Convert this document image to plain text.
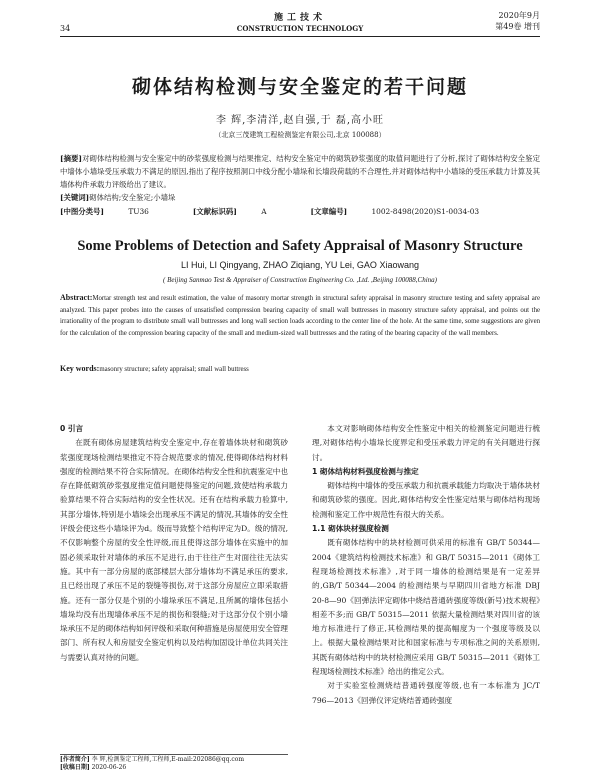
34
施工技术
CONSTRUCTION TECHNOLOGY
2020年9月
第49卷 增刊
砌体结构检测与安全鉴定的若干问题
李 辉,李清洋,赵自强,于 磊,高小旺
（北京三茂建筑工程检测鉴定有限公司,北京 100088）

[摘要]对砌体结构检测与安全鉴定中的砂浆强度检测与结果推定、结构安全鉴定中的砌筑砂浆强度的取值问题进行了分析,探讨了砌体结构安全鉴定中墙体小墙垛受压承载力不满足的原因,指出了程序按照洞口中线分配小墙垛和长墙段荷载的不合理性,并对砌体结构中小墙垛的受压承载力计算及其墙体构件承载力评级给出了建议。

[关键词]砌体结构;安全鉴定;小墙垛

[中图分类号]	TU36	[文献标识码]	A	[文章编号]	1002-8498(2020)S1-0034-03
Some Problems of Detection and Safety Appraisal of Masonry Structure
LI Hui, LI Qingyang, ZHAO Ziqiang, YU Lei, GAO Xiaowang
( Beijing Sanmao Test & Appraiser of Construction Engineering Co. ,Ltd. ,Beijing 100088,China)
Abstract:Mortar strength test and result estimation, the value of masonry mortar strength in structural safety appraisal in masonry structure testing and safety appraisal are analyzed. This paper probes into the causes of unsatisfied compression bearing capacity of small wall buttresses in masonry structure safety appraisal, and points out the irrationality of the program to distribute small wall buttresses and long wall section loads according to the center line of the hole. At the same time, some suggestions are given for the calculation of the compression bearing capacity of the small and medium-sized wall buttresses and the rating of the bearing capacity of the wall members.
Key words:masonry structure; safety appraisal; small wall buttress

0 引言

在既有砌体房屋建筑结构安全鉴定中,存在着墙体块材和砌筑砂浆强度现场检测结果推定不符合规范要求的情况,使得砌体结构材料强度的检测结果不符合实际情况。在砌体结构安全性和抗震鉴定中也存在降低砌筑砂浆强度推定值问题使得鉴定的问题,致使结构承载力验算结果不符合实际结构的安全性状况。还有在结构承载力验算中,其部分墙体,特别是小墙垛会出现承压不满足的情况,其墙体的安全性评级会使这些小墙垛评为d。级而导致整个结构评定为D。级的情况,不仅影响整个房屋的安全性评级,而且使得这部分墙体在实施中的加固必须采取针对墙体的承压不足进行,由于往往产生对面往往无法实施。其中有一部分房屋的底部楼层大部分墙体均不满足承压的要求,且已经出现了承压不足的裂缝等损伤,对于这部分房屋应立即采取措施。还有一部分仅是个别的小墙垛承压不满足,且所属的墙体包括小墙垛均没有出现墙体承压不足的损伤和裂缝;对于这部分仅个别小墙垛承压不足的砌体结构如何评级和采取何种措施是房屋使用安全管理部门、所有权人和房屋安全鉴定机构以及结构加固设计单位共同关注与需要认真对待的问题。

本文对影响砌体结构安全性鉴定中相关的检测鉴定问题进行梳理,对砌体结构小墙垛长度界定和受压承载力评定的有关问题进行探讨。

1 砌体结构材料强度检测与推定

砌体结构中墙体的受压承载力和抗震承载能力均取决于墙体块材和砌筑砂浆的强度。因此,砌体结构安全性鉴定结果与砌体结构现场检测和鉴定工作中规范性有很大的关系。

1.1 砌体块材强度检测

既有砌体结构中的块材检测可供采用的标准有 GB/T 50344—2004《建筑结构检测技术标准》和 GB/T 50315—2011《砌体工程现场检测技术标准》,对于同一墙体的检测结果是有一定差异的,GB/T 50344—2004 的检测结果与早期四川省地方标准 DBJ 20-8—90《回弹法评定砌体中烧结普通砖强度等级(新号)技术规程》相差不多;而 GB/T 50315—2011 依据大量检测结果对四川省的该地方标准进行了修正,其检测结果的提高幅度为一个强度等级及以上。根据大量检测结果对比和国家标准与专项标准之间的关系原则,其既有砌体结构中的块材检测应采用 GB/T 50315—2011《砌体工程现场检测技术标准》给出的推定公式。

对于实验室检测烧结普通砖强度等级,也有一本标准为 JC/T 796—2013《回弹仪评定烧结普通砖强度

[作者简介] 李 辉,检测鉴定工程师,工程师,E-mail:202086@qq.com
[收稿日期] 2020-06-26
